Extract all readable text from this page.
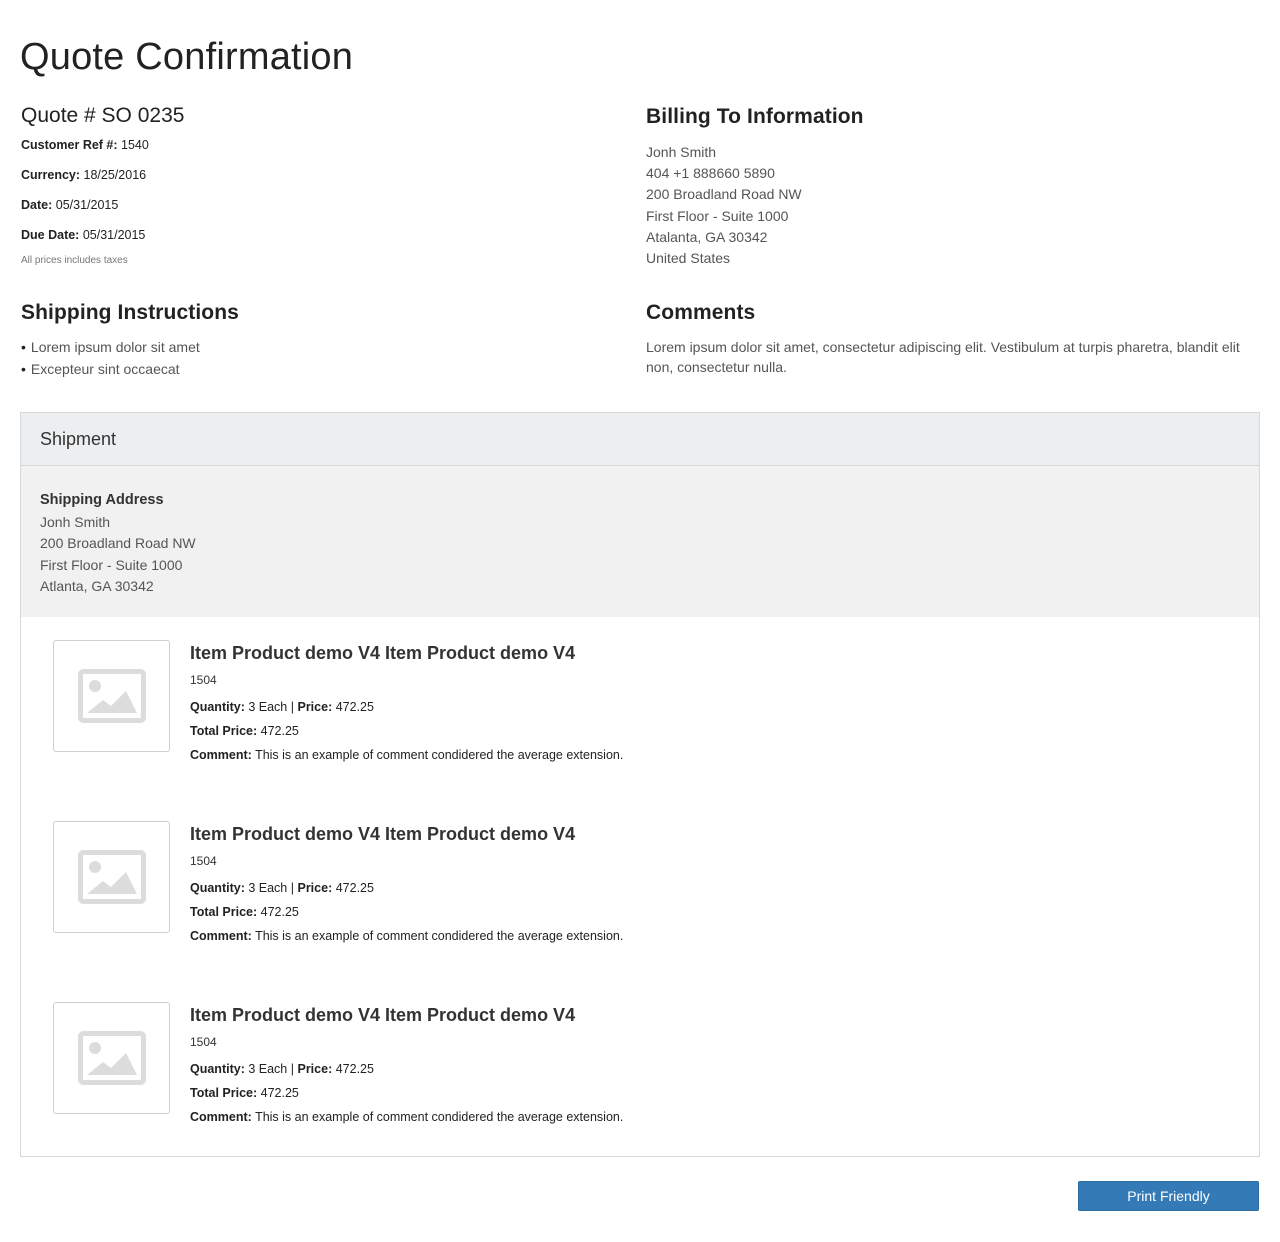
Quote Confirmation
Quote # SO 0235
Customer Ref #: 1540
Currency: 18/25/2016
Date: 05/31/2015
Due Date: 05/31/2015
All prices includes taxes
Billing To Information
Jonh Smith
404 +1 888660 5890
200 Broadland Road NW
First Floor - Suite 1000
Atalanta, GA 30342
United States
Shipping Instructions
• Lorem ipsum dolor sit amet
• Excepteur sint occaecat
Comments
Lorem ipsum dolor sit amet, consectetur adipiscing elit. Vestibulum at turpis pharetra, blandit elit non, consectetur nulla.
Shipment
Shipping Address
Jonh Smith
200 Broadland Road NW
First Floor - Suite 1000
Atlanta, GA 30342
Item Product demo V4 Item Product demo V4
1504
Quantity: 3 Each | Price: 472.25
Total Price: 472.25
Comment: This is an example of comment condidered the average extension.
Item Product demo V4 Item Product demo V4
1504
Quantity: 3 Each | Price: 472.25
Total Price: 472.25
Comment: This is an example of comment condidered the average extension.
Item Product demo V4 Item Product demo V4
1504
Quantity: 3 Each | Price: 472.25
Total Price: 472.25
Comment: This is an example of comment condidered the average extension.
Print Friendly
